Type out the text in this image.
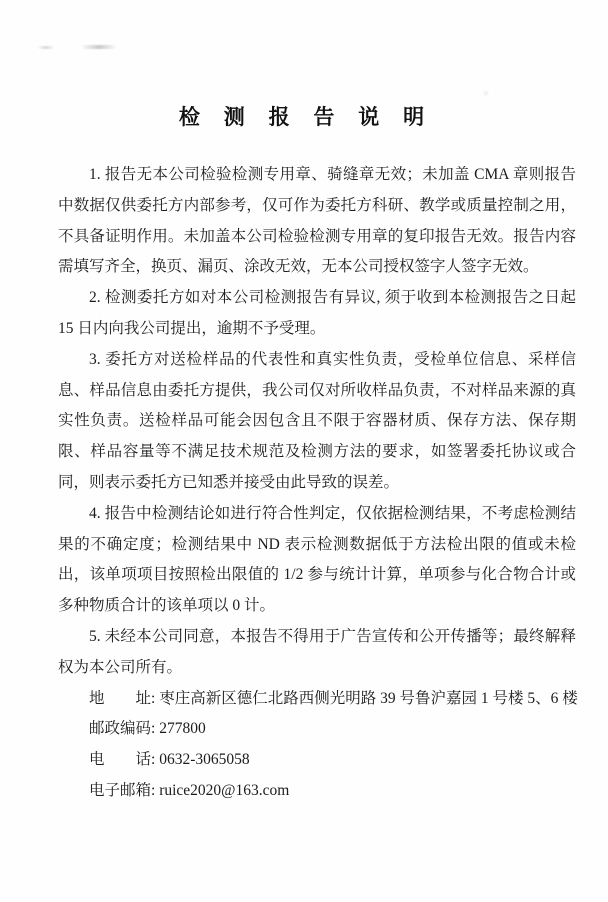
检 测 报 告 说 明

1. 报告无本公司检验检测专用章、骑缝章无效；未加盖 CMA 章则报告中数据仅供委托方内部参考，仅可作为委托方科研、教学或质量控制之用，不具备证明作用。未加盖本公司检验检测专用章的复印报告无效。报告内容需填写齐全，换页、漏页、涂改无效，无本公司授权签字人签字无效。

2. 检测委托方如对本公司检测报告有异议, 须于收到本检测报告之日起 15 日内向我公司提出，逾期不予受理。

3. 委托方对送检样品的代表性和真实性负责，受检单位信息、采样信息、样品信息由委托方提供，我公司仅对所收样品负责，不对样品来源的真实性负责。送检样品可能会因包含且不限于容器材质、保存方法、保存期限、样品容量等不满足技术规范及检测方法的要求，如签署委托协议或合同，则表示委托方已知悉并接受由此导致的误差。

4. 报告中检测结论如进行符合性判定，仅依据检测结果，不考虑检测结果的不确定度；检测结果中 ND 表示检测数据低于方法检出限的值或未检出，该单项项目按照检出限值的 1/2 参与统计计算，单项参与化合物合计或多种物质合计的该单项以 0 计。

5. 未经本公司同意，本报告不得用于广告宣传和公开传播等；最终解释权为本公司所有。

地　　址: 枣庄高新区德仁北路西侧光明路 39 号鲁沪嘉园 1 号楼 5、6 楼

邮政编码: 277800

电　　话: 0632-3065058

电子邮箱: ruice2020@163.com
